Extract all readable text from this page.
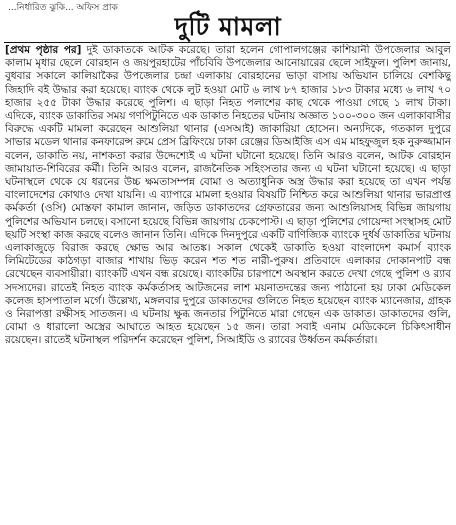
...নির্ধারিত ঝুকি... অফিস প্রাক
দুটি মামলা
[প্রথম পৃষ্ঠার পর] দুই ডাকাতকে আটক করেছে। তারা হলেন গোপালগঞ্জের কাশিয়ানী উপজেলার আবুল কালাম মৃধার ছেলে বোরহান ও জয়পুরহাটের পাঁচবিবি উপজেলার আনোয়ারের ছেলে সাইফুল। পুলিশ জানায়, বুধবার সকালে কালিয়াকৈর উপজেলার চন্দ্রা এলাকায় বোরহানের ভাড়া বাসায় অভিযান চালিয়ে বেশকিছু জিহাদি বই উদ্ধার করা হয়েছে। ব্যাংক থেকে লুট হওয়া মোট ৬ লাখ ৮৭ হাজার ১৮৩ টাকার মধ্যে ৬ লাখ ৭০ হাজার ২৫৫ টাকা উদ্ধার করেছে পুলিশ। এ ছাড়া নিহত পলাশের কাছ থেকে পাওয়া গেছে ১ লাখ টাকা। এদিকে, ব্যাংক ডাকাতির সময় গণপিটুনিতে এক ডাকাত নিহতের ঘটনায় অজ্ঞাত ১০০-৩০০ জন এলাকাবাসীর বিরুদ্ধে একটি মামলা করেছেন আশুলিয়া থানার (এসআই) জাকারিয়া হোসেন। অন্যদিকে, গতকাল দুপুরে সাভার মডেল থানার কনফারেন্স রুমে প্রেস ব্রিফিংয়ে ঢাকা রেঞ্জের ডিআইজি এস এম মাহফুজুল হক নুরুজ্জামান বলেন, ডাকাতি নয়, নাশকতা করার উদ্দেশ্যেই এ ঘটনা ঘটানো হয়েছে। তিনি আরও বলেন, আটক বোরহান জামায়াত-শিবিরের কর্মী। তিনি আরও বলেন, রাজনৈতিক সহিংসতার জন্য এ ঘটনা ঘটানো হয়েছে। এ ছাড়া ঘটনাস্থলে থেকে যে ধরনের উচ্চ ক্ষমতাসম্পন্ন বোমা ও অত্যাধুনিক অস্ত্র উদ্ধার করা হয়েছে তা এখন পর্যন্ত বাংলাদেশের কোথাও দেখা যায়নি। এ ব্যাপারে মামলা হওয়ার বিষয়টি নিশ্চিত করে আশুলিয়া থানার ভারপ্রাপ্ত কর্মকর্তা (ওসি) মোস্তফা কামাল জানান, জড়িত ডাকাতদের গ্রেফতারের জন্য আশুলিয়াসহ বিভিন্ন জায়গায় পুলিশের অভিযান চলছে। বসানো হয়েছে বিভিন্ন জায়গায় চেকপোস্ট। এ ছাড়া পুলিশের গোয়েন্দা সংস্থাসহ মোট ছয়টি সংস্থা কাজ করছে বলেও জানান তিনি। এদিকে দিনদুপুরে একটি বাণিজ্যিক ব্যাংকে দুর্ধর্ষ ডাকাতির ঘটনায় এলাকাজুড়ে বিরাজ করছে ক্ষোভ আর আতঙ্ক। সকাল থেকেই ডাকাতি হওয়া বাংলাদেশ কমার্স ব্যাংক লিমিটেডের কাঠগড়া বাজার শাখায় ভিড় করেন শত শত নারী-পুরুষ। প্রতিবাদে এলাকার দোকানপাট বন্ধ রেখেছেন ব্যবসায়ীরা। ব্যাংকটি এখন বন্ধ রয়েছে। ব্যাংকটির চারপাশে অবস্থান করতে দেখা গেছে পুলিশ ও র‍্যাব সদস্যদের। রাতেই নিহত ব্যাংক কর্মকর্তাসহ আটজনের লাশ ময়নাতদন্তের জন্য পাঠানো হয় ঢাকা মেডিকেল কলেজ হাসপাতাল মর্গে। উল্লেখ্য, মঙ্গলবার দুপুরে ডাকাতদের গুলিতে নিহত হয়েছেন ব্যাংক ম্যানেজার, গ্রাহক ও নিরাপত্তা রক্ষীসহ সাতজন। এ ঘটনায় ক্ষুব্ধ জনতার পিটুনিতে মারা গেছেন এক ডাকাত। ডাকাতদের গুলি, বোমা ও ধারালো অস্ত্রের আঘাতে আহত হয়েছেন ১৫ জন। তারা সবাই এনাম মেডিকেলে চিকিৎসাধীন রয়েছেন। রাতেই ঘটনাস্থল পরিদর্শন করেছেন পুলিশ, সিআইডি ও র‍্যাবের উর্ধ্বতন কর্মকর্তারা।
